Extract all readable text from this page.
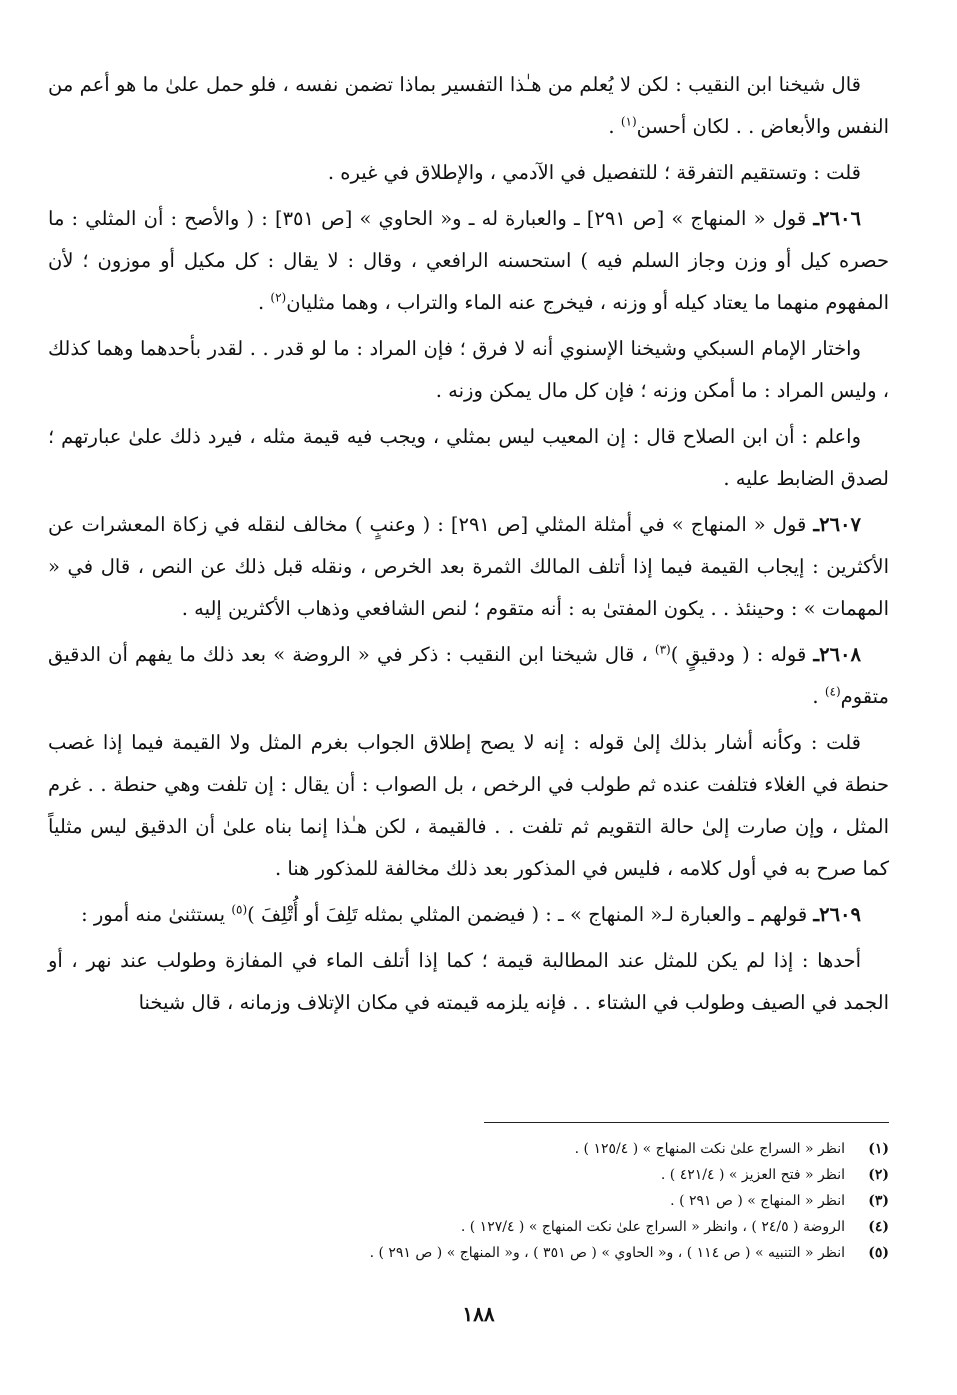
قال شيخنا ابن النقيب : لكن لا يُعلم من هـٰذا التفسير بماذا تضمن نفسه ، فلو حمل علىٰ ما هو أعم من النفس والأبعاض . . لكان أحسن$^{(١)}$ .

قلت : وتستقيم التفرقة ؛ للتفصيل في الآدمي ، والإطلاق في غيره .

٢٦٠٦ـ قول « المنهاج » [ص ٢٩١] ـ والعبارة له ـ و« الحاوي » [ص ٣٥١] : ( والأصح : أن المثلي : ما حصره كيل أو وزن وجاز السلم فيه ) استحسنه الرافعي ، وقال : لا يقال : كل مكيل أو موزون ؛ لأن المفهوم منهما ما يعتاد كيله أو وزنه ، فيخرج عنه الماء والتراب ، وهما مثليان$^{(٢)}$ .

واختار الإمام السبكي وشيخنا الإسنوي أنه لا فرق ؛ فإن المراد : ما لو قدر . . لقدر بأحدهما وهما كذلك ، وليس المراد : ما أمكن وزنه ؛ فإن كل مال يمكن وزنه .

واعلم : أن ابن الصلاح قال : إن المعيب ليس بمثلي ، ويجب فيه قيمة مثله ، فيرد ذلك علىٰ عبارتهم ؛ لصدق الضابط عليه .

٢٦٠٧ـ قول « المنهاج » في أمثلة المثلي [ص ٢٩١] : ( وعنبٍ ) مخالف لنقله في زكاة المعشرات عن الأكثرين : إيجاب القيمة فيما إذا أتلف المالك الثمرة بعد الخرص ، ونقله قبل ذلك عن النص ، قال في « المهمات » : وحينئذ . . يكون المفتىٰ به : أنه متقوم ؛ لنص الشافعي وذهاب الأكثرين إليه .

٢٦٠٨ـ قوله : ( ودقيقٍ )$^{(٣)}$ ، قال شيخنا ابن النقيب : ذكر في « الروضة » بعد ذلك ما يفهم أن الدقيق متقوم$^{(٤)}$ .

قلت : وكأنه أشار بذلك إلىٰ قوله : إنه لا يصح إطلاق الجواب بغرم المثل ولا القيمة فيما إذا غصب حنطة في الغلاء فتلفت عنده ثم طولب في الرخص ، بل الصواب : أن يقال : إن تلفت وهي حنطة . . غرم المثل ، وإن صارت إلىٰ حالة التقويم ثم تلفت . . فالقيمة ، لكن هـٰذا إنما بناه علىٰ أن الدقيق ليس مثلياً كما صرح به في أول كلامه ، فليس في المذكور بعد ذلك مخالفة للمذكور هنا .

٢٦٠٩ـ قولهم ـ والعبارة لـ« المنهاج » ـ : ( فيضمن المثلي بمثله تَلِفَ أو أُتْلِفَ )$^{(٥)}$ يستثنىٰ منه أمور :

أحدها : إذا لم يكن للمثل عند المطالبة قيمة ؛ كما إذا أتلف الماء في المفازة وطولب عند نهر ، أو الجمد في الصيف وطولب في الشتاء . . فإنه يلزمه قيمته في مكان الإتلاف وزمانه ، قال شيخنا

(١)
انظر « السراج علىٰ نكت المنهاج » ( ١٢٥/٤ ) .
(٢)
انظر « فتح العزيز » ( ٤٢١/٤ ) .
(٣)
انظر « المنهاج » ( ص ٢٩١ ) .
(٤)
الروضة ( ٢٤/٥ ) ، وانظر « السراج علىٰ نكت المنهاج » ( ١٢٧/٤ ) .
(٥)
انظر « التنبيه » ( ص ١١٤ ) ، و« الحاوي » ( ص ٣٥١ ) ، و« المنهاج » ( ص ٢٩١ ) .
١٨٨
